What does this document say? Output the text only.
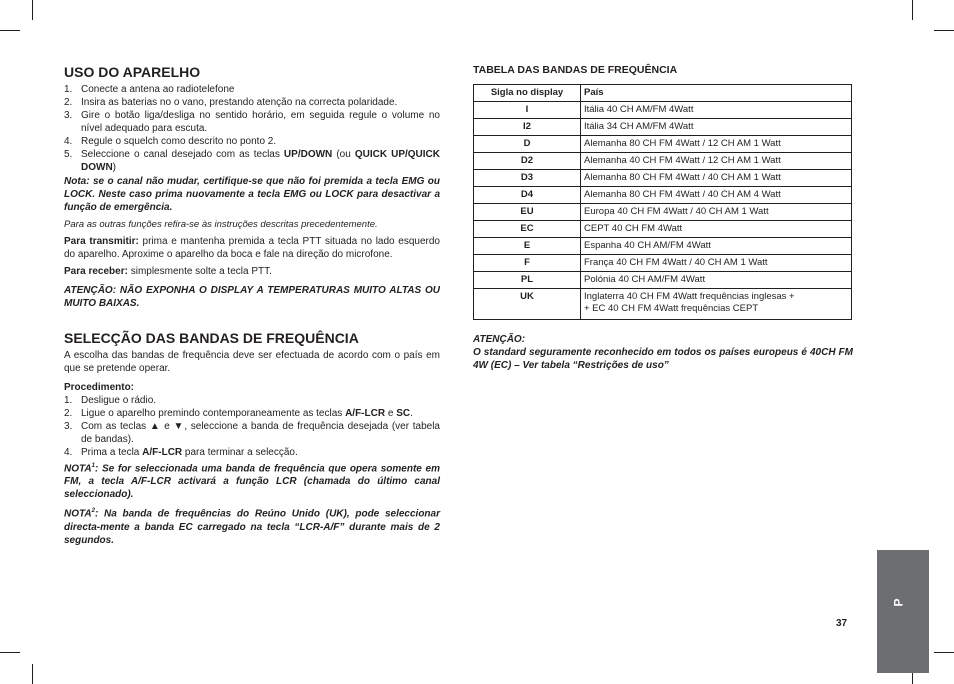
USO DO APARELHO
1. Conecte a antena ao radiotelefone
2. Insira as baterias no o vano, prestando atenção na correcta polaridade.
3. Gire o botão liga/desliga no sentido horário, em seguida regule o volume no nível adequado para escuta.
4. Regule o squelch como descrito no ponto 2.
5. Seleccione o canal desejado com as teclas UP/DOWN (ou QUICK UP/QUICK DOWN)

Nota: se o canal não mudar, certifique-se que não foi premida a tecla EMG ou LOCK. Neste caso prima nuovamente a tecla EMG ou LOCK para desactivar a função de emergência.

Para as outras funções refira-se às instruções descritas precedentemente.

Para transmitir: prima e mantenha premida a tecla PTT situada no lado esquerdo do aparelho. Aproxime o aparelho da boca e fale na direção do microfone.

Para receber: simplesmente solte a tecla PTT.

ATENÇÃO: NÃO EXPONHA O DISPLAY A TEMPERATURAS MUITO ALTAS OU MUITO BAIXAS.

SELECÇÃO DAS BANDAS DE FREQUÊNCIA

A escolha das bandas de frequência deve ser efectuada de acordo com o país em que se pretende operar.

Procedimento:

1. Desligue o rádio.
2. Ligue o aparelho premindo contemporaneamente as teclas A/F-LCR e SC.
3. Com as teclas ▲ e ▼, seleccione a banda de frequência desejada (ver tabela de bandas).
4. Prima a tecla A/F-LCR para terminar a selecção.

NOTA$^1$: Se for seleccionada uma banda de frequência que opera somente em FM, a tecla A/F-LCR activará a função LCR (chamada do último canal seleccionado).

NOTA$^2$: Na banda de frequências do Reúno Unido (UK), pode seleccionar directa-mente a banda EC carregado na tecla “LCR-A/F” durante mais de 2 segundos.

TABELA DAS BANDAS DE FREQUÊNCIA
Sigla no display	País
I	Itália 40 CH AM/FM 4Watt
I2	Itália 34 CH AM/FM 4Watt
D	Alemanha 80 CH FM 4Watt / 12 CH AM 1 Watt
D2	Alemanha 40 CH FM 4Watt / 12 CH AM 1 Watt
D3	Alemanha 80 CH FM 4Watt / 40 CH AM 1 Watt
D4	Alemanha 80 CH FM 4Watt / 40 CH AM 4 Watt
EU	Europa 40 CH FM 4Watt / 40 CH AM 1 Watt
EC	CEPT 40 CH FM 4Watt
E	Espanha 40 CH AM/FM 4Watt
F	França 40 CH FM 4Watt / 40 CH AM 1 Watt
PL	Polónia 40 CH AM/FM 4Watt
UK	Inglaterra 40 CH FM 4Watt frequências inglesas +
+ EC 40 CH FM 4Watt frequências CEPT

ATENÇÃO:

O standard seguramente reconhecido em todos os países europeus é 40CH FM 4W (EC) – Ver tabela “Restrições de uso”

P
37
